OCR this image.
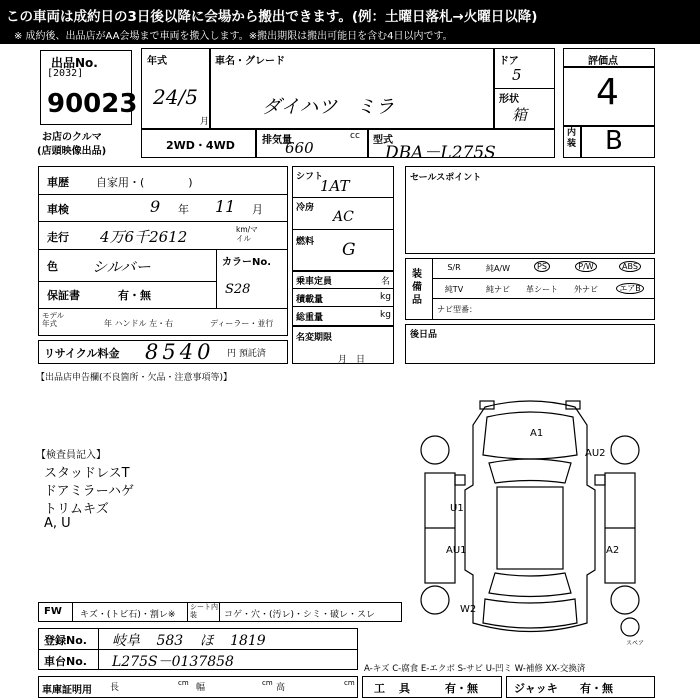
この車両は成約日の3日後以降に会場から搬出できます。(例：土曜日落札→火曜日以降)
※ 成約後、出品店がAA会場まで車両を搬入します。※搬出期限は搬出可能日を含む4日以内です。
出品No.
[2032]
90023
お店のクルマ
(店頭映像出品)
年式
24/5
月
車名・グレード
ダイハツ　ミラ
ドア
5
形状
箱
2WD・4WD	排気量	cc
660	型式
DBA－L275S
評価点
4
内装 B
車歴 自家用・(　　　　)
車検	9 年 11 月
走行 4万6千2612	km/マイル
色 シルバー	カラーNo.
S28
保証書	有・無
モデル年式	年 ハンドル 左・右	ディーラー・並行
リサイクル料金 8540 円 預託済
シフト
1AT
冷房
AC
燃料 G
乗車定員	名
積載量	kg
総重量	kg
名変期限
月　日
セールスポイント
装備品
S/R	純A/W	PS	P/W	ABS
純TV	純ナビ	革シート	外ナビ	エアB
ナビ型番：
後日品
【出品店申告欄(不良箇所・欠品・注意事項等)】
【検査員記入】
スタッドレスT
ドアミラーハゲ
トリムキズ
A, U
A1
AU2
U1
AU1	A2
W2
スペア
FW キズ・(トビ石)・割レ※
シート内装	コゲ・穴・(汚レ)・シミ・破レ・スレ
登録No. 岐阜 583 ほ 1819
車台No. L275S－0137858	A-キズ C-腐食 E-エクボ S-サビ U-凹ミ W-補修 XX-交換済
車庫証明用 長	cm 幅	cm 高	cm 工具 有・無	ジャッキ 有・無
